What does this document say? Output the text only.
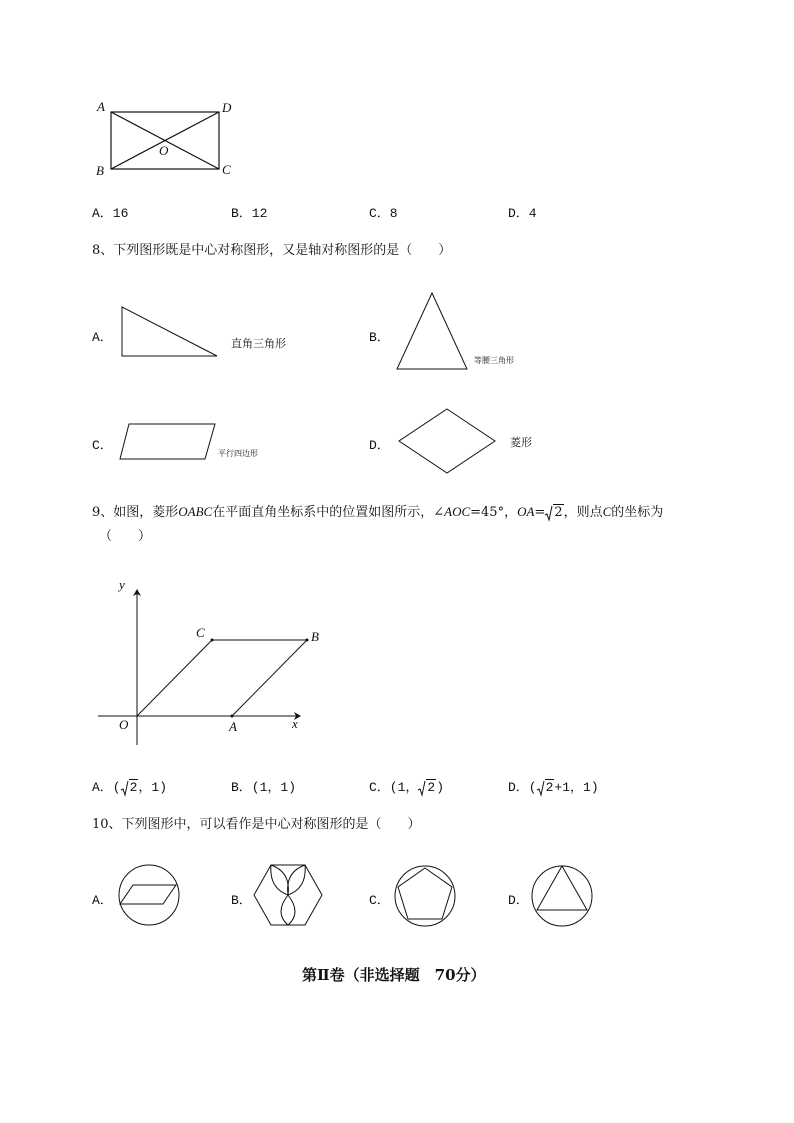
A	D
B	C
O
A．16	B．12	C．8	D．4
8、下列图形既是中心对称图形，又是轴对称图形的是（　　）
A．	直角三角形	B．
等腰三角形
C．
平行四边形
D．	菱形
9、如图，菱形OABC在平面直角坐标系中的位置如图所示，∠AOC=45°，OA= 2，则点C的坐标为
（　　）
y
x
O	A
B
C
A．( 2，1)	B．(1，1)	C．(1， 2)	D．( 2+1，1)
10、下列图形中，可以看作是中心对称图形的是（　　）
A．	B．	C．	D．
第Ⅱ卷（非选择题　70分）
